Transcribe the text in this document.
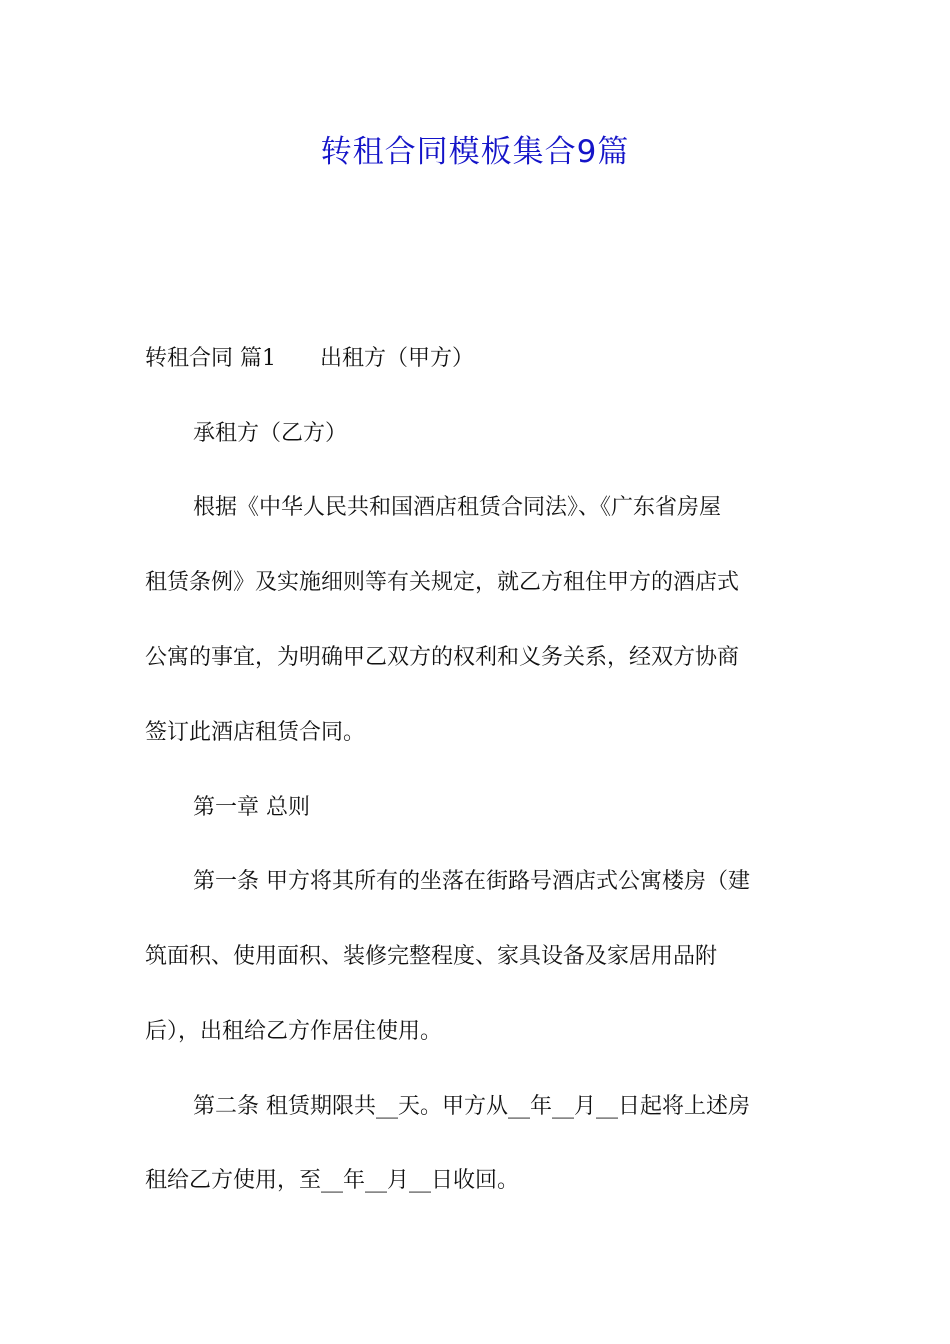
转租合同模板集合9篇

转租合同 篇1 出租方（甲方）

承租方（乙方）

根据《中华人民共和国酒店租赁合同法》、《广东省房屋

租赁条例》及实施细则等有关规定，就乙方租住甲方的酒店式

公寓的事宜，为明确甲乙双方的权利和义务关系，经双方协商

签订此酒店租赁合同。

第一章 总则

第一条 甲方将其所有的坐落在街路号酒店式公寓楼房（建

筑面积、使用面积、装修完整程度、家具设备及家居用品附

后），出租给乙方作居住使用。

第二条 租赁期限共__天。甲方从__年__月__日起将上述房

租给乙方使用，至__年__月__日收回。
